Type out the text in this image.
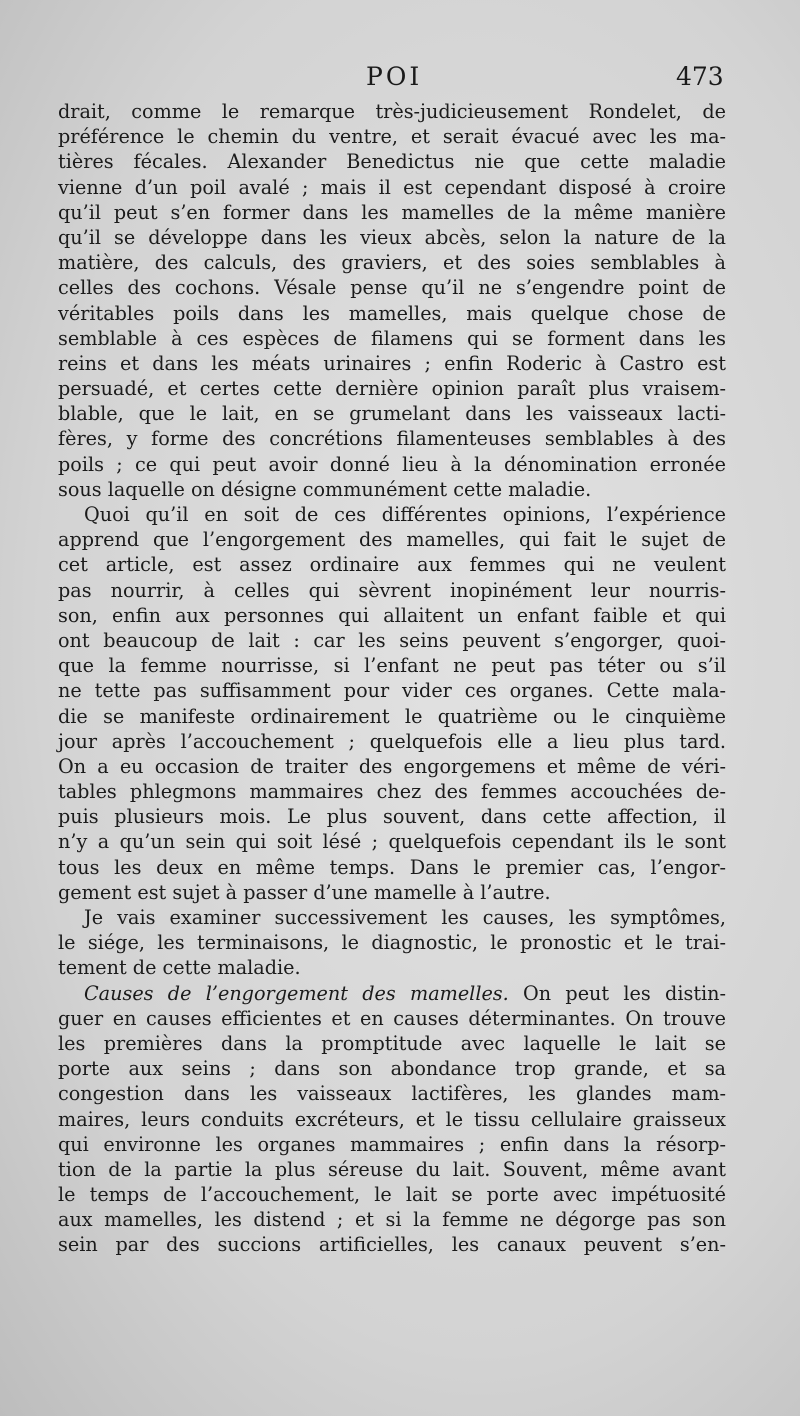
POI	473
drait, comme le remarque très-judicieusement Rondelet, de
préférence le chemin du ventre, et serait évacué avec les ma-
tières fécales. Alexander Benedictus nie que cette maladie
vienne d’un poil avalé ; mais il est cependant disposé à croire
qu’il peut s’en former dans les mamelles de la même manière
qu’il se développe dans les vieux abcès, selon la nature de la
matière, des calculs, des graviers, et des soies semblables à
celles des cochons. Vésale pense qu’il ne s’engendre point de
véritables poils dans les mamelles, mais quelque chose de
semblable à ces espèces de filamens qui se forment dans les
reins et dans les méats urinaires ; enfin Roderic à Castro est
persuadé, et certes cette dernière opinion paraît plus vraisem-
blable, que le lait, en se grumelant dans les vaisseaux lacti-
fères, y forme des concrétions filamenteuses semblables à des
poils ; ce qui peut avoir donné lieu à la dénomination erronée
sous laquelle on désigne communément cette maladie.
Quoi qu’il en soit de ces différentes opinions, l’expérience
apprend que l’engorgement des mamelles, qui fait le sujet de
cet article, est assez ordinaire aux femmes qui ne veulent
pas nourrir, à celles qui sèvrent inopinément leur nourris-
son, enfin aux personnes qui allaitent un enfant faible et qui
ont beaucoup de lait : car les seins peuvent s’engorger, quoi-
que la femme nourrisse, si l’enfant ne peut pas téter ou s’il
ne tette pas suffisamment pour vider ces organes. Cette mala-
die se manifeste ordinairement le quatrième ou le cinquième
jour après l’accouchement ; quelquefois elle a lieu plus tard.
On a eu occasion de traiter des engorgemens et même de véri-
tables phlegmons mammaires chez des femmes accouchées de-
puis plusieurs mois. Le plus souvent, dans cette affection, il
n’y a qu’un sein qui soit lésé ; quelquefois cependant ils le sont
tous les deux en même temps. Dans le premier cas, l’engor-
gement est sujet à passer d’une mamelle à l’autre.
Je vais examiner successivement les causes, les symptômes,
le siége, les terminaisons, le diagnostic, le pronostic et le trai-
tement de cette maladie.
Causes de l’engorgement des mamelles. On peut les distin-
guer en causes efficientes et en causes déterminantes. On trouve
les premières dans la promptitude avec laquelle le lait se
porte aux seins ; dans son abondance trop grande, et sa
congestion dans les vaisseaux lactifères, les glandes mam-
maires, leurs conduits excréteurs, et le tissu cellulaire graisseux
qui environne les organes mammaires ; enfin dans la résorp-
tion de la partie la plus séreuse du lait. Souvent, même avant
le temps de l’accouchement, le lait se porte avec impétuosité
aux mamelles, les distend ; et si la femme ne dégorge pas son
sein par des succions artificielles, les canaux peuvent s’en-
